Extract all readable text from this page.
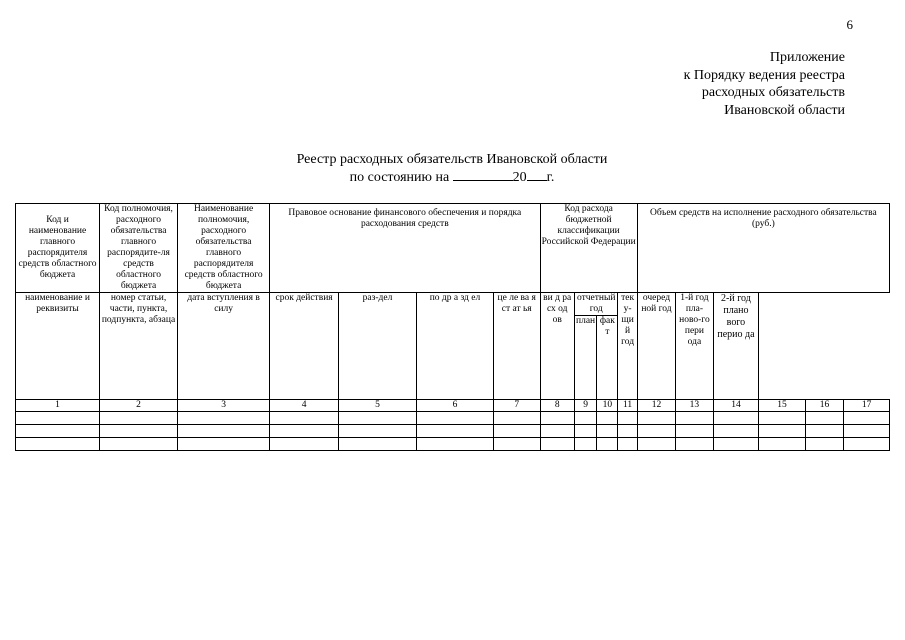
6
Приложение
к Порядку ведения реестра
расходных обязательств
Ивановской области
Реестр расходных обязательств Ивановской области
по состоянию на	20 г.
Код и наименование главного распорядителя средств областного бюджета	Код полномочия, расходного обязательства главного распорядите-ля средств областного бюджета	Наименование полномочия, расходного обязательства главного распорядителя средств областного бюджета	Правовое основание финансового обеспечения и порядка расходования средств				Код расхода бюджетной классификации Российской Федерации				Объем средств на исполнение расходного обязательства (руб.)					

наименование и реквизиты	номер статьи, части, пункта, подпункта, абзаца	дата вступления в силу	срок действия	раз-дел	по др а зд ел	це ле ва я ст ат ья	ви д ра сх од ов	отчетный год		теку-щий год	очеред ной год	1-й год пла-ново-го пери ода	2-й год плано вого перио да			
								план	факт							
1	2	3	4	5	6	7	8	9	10	11	12	13	14	15	16	17
